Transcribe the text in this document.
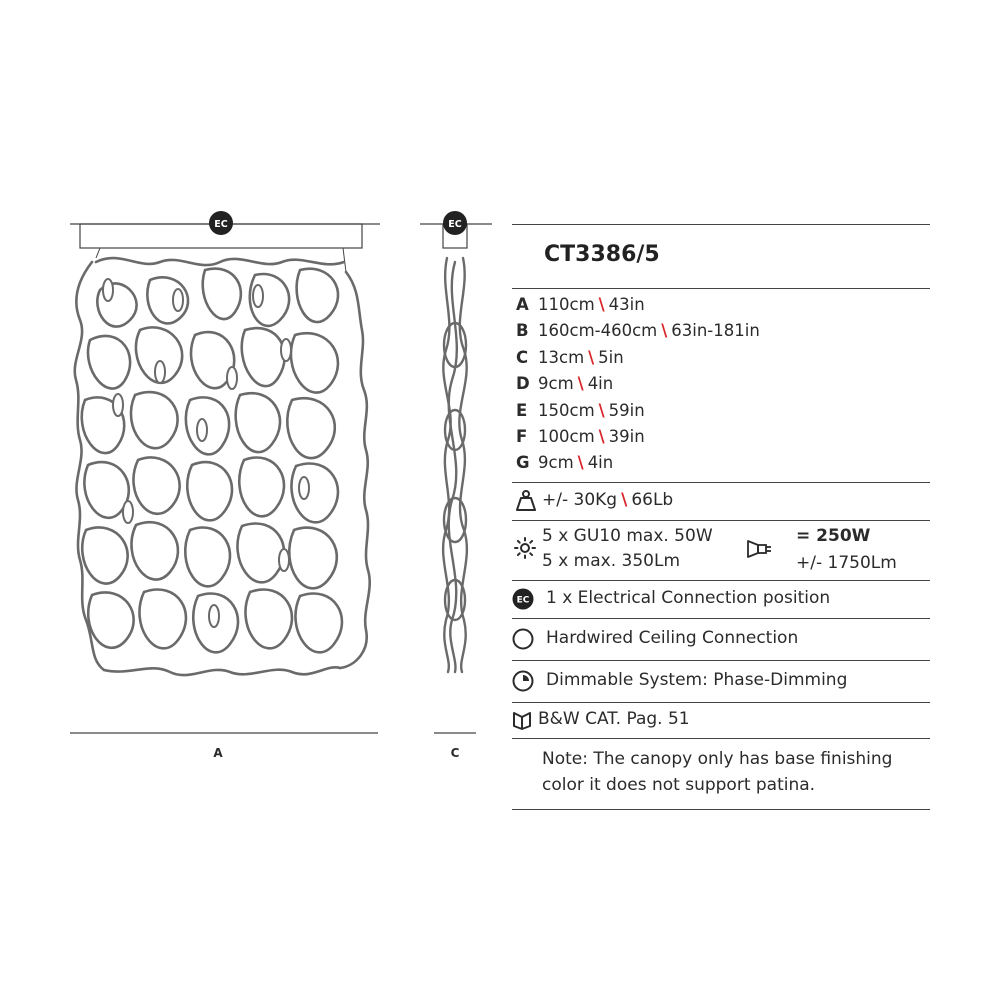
EC	EC
A	C
CT3386/5
A 110cm \ 43in
B 160cm-460cm \ 63in-181in
C 13cm \ 5in
D 9cm \ 4in
E 150cm \ 59in
F 100cm \ 39in
G 9cm \ 4in
+/- 30Kg \ 66Lb
5 x GU10 max. 50W
5 x max. 350Lm
= 250W
+/- 1750Lm
EC 1 x Electrical Connection position
Hardwired Ceiling Connection
Dimmable System: Phase-Dimming
B&W CAT. Pag. 51
Note: The canopy only has base finishing color it does not support patina.
